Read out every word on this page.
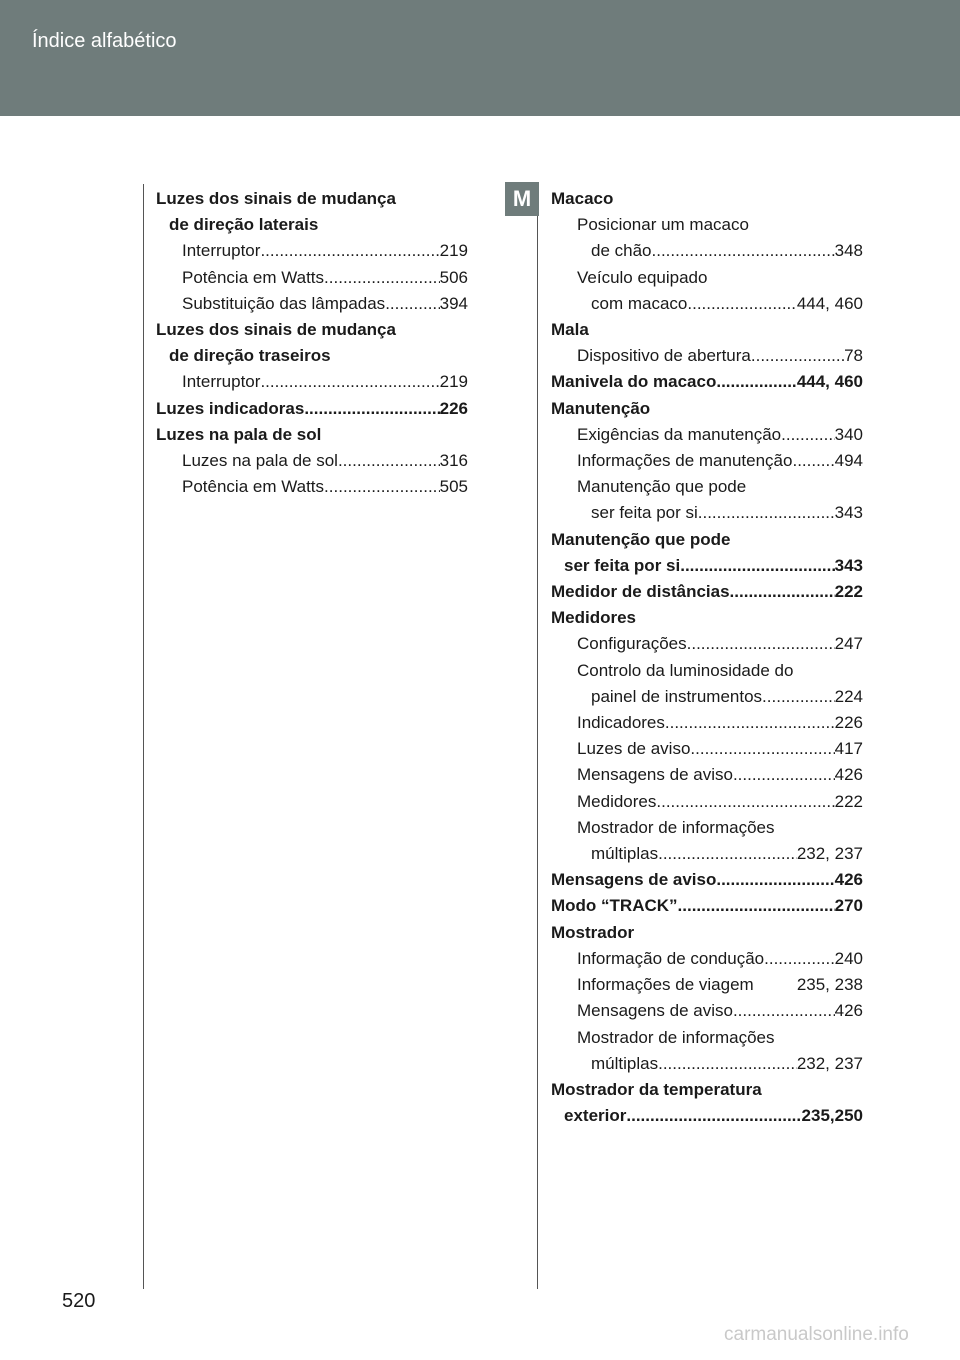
Índice alfabético
M
Luzes dos sinais de mudança
de direção laterais
Interruptor .....	219
Potência em Watts .....	506
Substituição das lâmpadas .....	394
Luzes dos sinais de mudança
de direção traseiros
Interruptor .....	219
Luzes indicadoras .....	226
Luzes na pala de sol
Luzes na pala de sol .....	316
Potência em Watts .....	505
Macaco
Posicionar um macaco
de chão .....	348
Veículo equipado
com macaco .....	444, 460
Mala
Dispositivo de abertura .....	78
Manivela do macaco .....	444, 460
Manutenção
Exigências da manutenção .....	340
Informações de manutenção ..... 494
Manutenção que pode
ser feita por si .....	343
Manutenção que pode
ser feita por si .....	343
Medidor de distâncias .....	222
Medidores
Configurações .....	247
Controlo da luminosidade do
painel de instrumentos .....	224
Indicadores .....	226
Luzes de aviso .....	417
Mensagens de aviso .....	426
Medidores .....	222
Mostrador de informações
múltiplas .....	232, 237
Mensagens de aviso .....	426
Modo “TRACK” .....	270
Mostrador
Informação de condução .....	240
Informações de viagem	235, 238
Mensagens de aviso .....	426
Mostrador de informações
múltiplas .....	232, 237
Mostrador da temperatura
exterior .....	235,250
520
carmanualsonline.info
